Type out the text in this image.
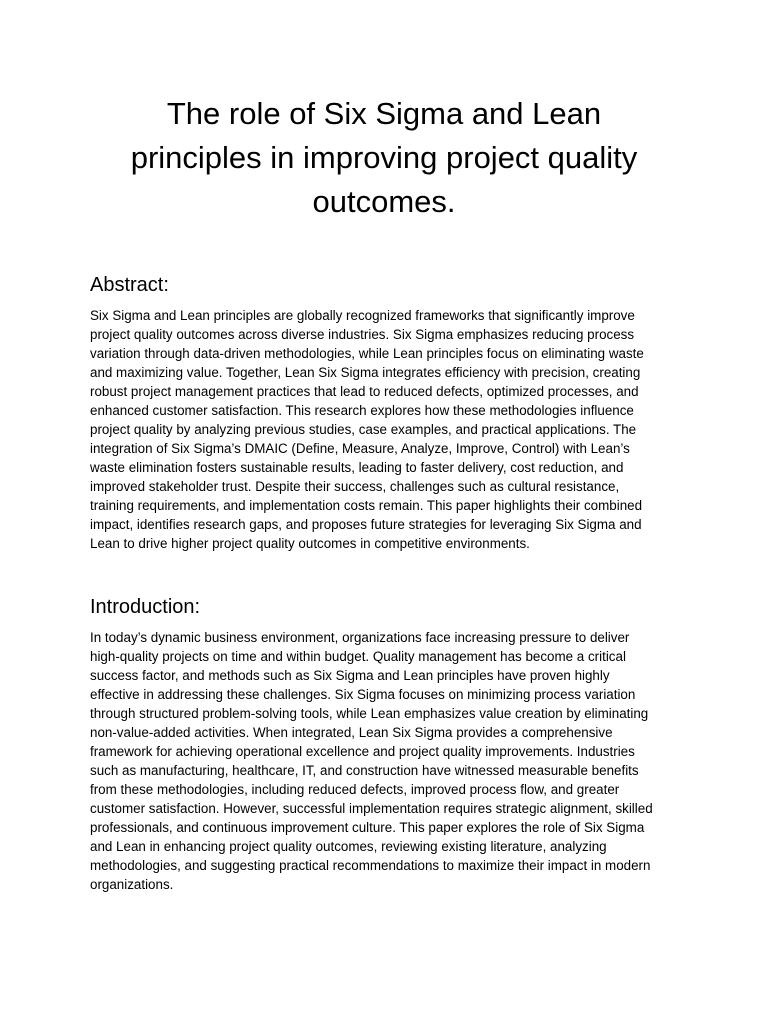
The role of Six Sigma and Lean
principles in improving project quality
outcomes.
Abstract:

Six Sigma and Lean principles are globally recognized frameworks that significantly improve
project quality outcomes across diverse industries. Six Sigma emphasizes reducing process
variation through data-driven methodologies, while Lean principles focus on eliminating waste
and maximizing value. Together, Lean Six Sigma integrates efficiency with precision, creating
robust project management practices that lead to reduced defects, optimized processes, and
enhanced customer satisfaction. This research explores how these methodologies influence
project quality by analyzing previous studies, case examples, and practical applications. The
integration of Six Sigma’s DMAIC (Define, Measure, Analyze, Improve, Control) with Lean’s
waste elimination fosters sustainable results, leading to faster delivery, cost reduction, and
improved stakeholder trust. Despite their success, challenges such as cultural resistance,
training requirements, and implementation costs remain. This paper highlights their combined
impact, identifies research gaps, and proposes future strategies for leveraging Six Sigma and
Lean to drive higher project quality outcomes in competitive environments.

Introduction:

In today’s dynamic business environment, organizations face increasing pressure to deliver
high-quality projects on time and within budget. Quality management has become a critical
success factor, and methods such as Six Sigma and Lean principles have proven highly
effective in addressing these challenges. Six Sigma focuses on minimizing process variation
through structured problem-solving tools, while Lean emphasizes value creation by eliminating
non-value-added activities. When integrated, Lean Six Sigma provides a comprehensive
framework for achieving operational excellence and project quality improvements. Industries
such as manufacturing, healthcare, IT, and construction have witnessed measurable benefits
from these methodologies, including reduced defects, improved process flow, and greater
customer satisfaction. However, successful implementation requires strategic alignment, skilled
professionals, and continuous improvement culture. This paper explores the role of Six Sigma
and Lean in enhancing project quality outcomes, reviewing existing literature, analyzing
methodologies, and suggesting practical recommendations to maximize their impact in modern
organizations.
